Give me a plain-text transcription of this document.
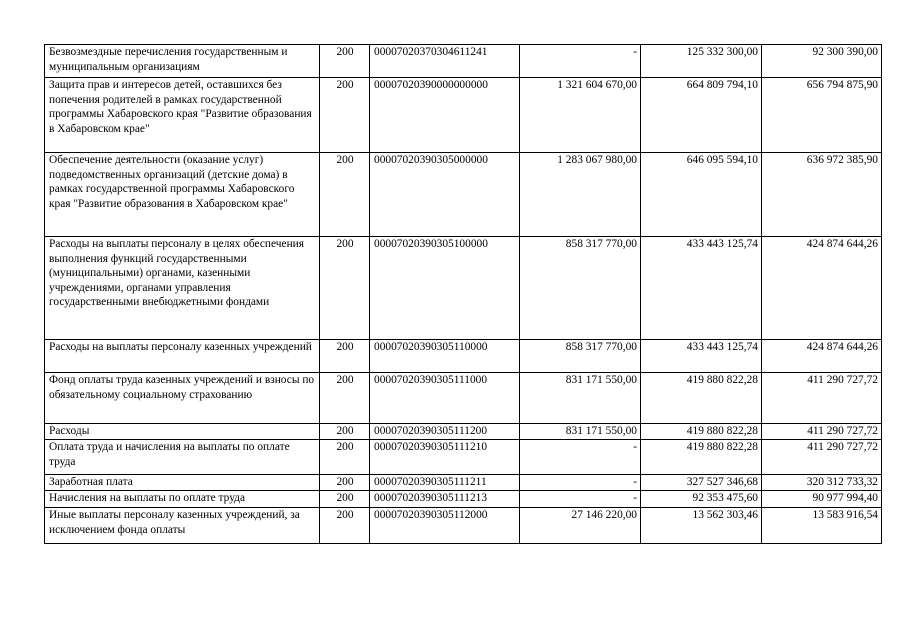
Безвозмездные перечисления государственным и муниципальным организациям	200	00007020370304611241	-	125 332 300,00	92 300 390,00
Защита прав и интересов детей, оставшихся без попечения родителей в рамках государственной программы Хабаровского края "Развитие образования в Хабаровском крае"	200	00007020390000000000	1 321 604 670,00	664 809 794,10	656 794 875,90
Обеспечение деятельности (оказание услуг) подведомственных организаций (детские дома) в рамках государственной программы Хабаровского края "Развитие образования в Хабаровском крае"	200	00007020390305000000	1 283 067 980,00	646 095 594,10	636 972 385,90
Расходы на выплаты персоналу в целях обеспечения выполнения функций государственными (муниципальными) органами, казенными учреждениями, органами управления государственными внебюджетными фондами	200	00007020390305100000	858 317 770,00	433 443 125,74	424 874 644,26
Расходы на выплаты персоналу казенных учреждений	200	00007020390305110000	858 317 770,00	433 443 125,74	424 874 644,26
Фонд оплаты труда казенных учреждений и взносы по обязательному социальному страхованию	200	00007020390305111000	831 171 550,00	419 880 822,28	411 290 727,72
Расходы	200	00007020390305111200	831 171 550,00	419 880 822,28	411 290 727,72
Оплата труда и начисления на выплаты по оплате труда	200	00007020390305111210	-	419 880 822,28	411 290 727,72
Заработная плата	200	00007020390305111211	-	327 527 346,68	320 312 733,32
Начисления на выплаты по оплате труда	200	00007020390305111213	-	92 353 475,60	90 977 994,40
Иные выплаты персоналу казенных учреждений, за исключением фонда оплаты	200	00007020390305112000	27 146 220,00	13 562 303,46	13 583 916,54
